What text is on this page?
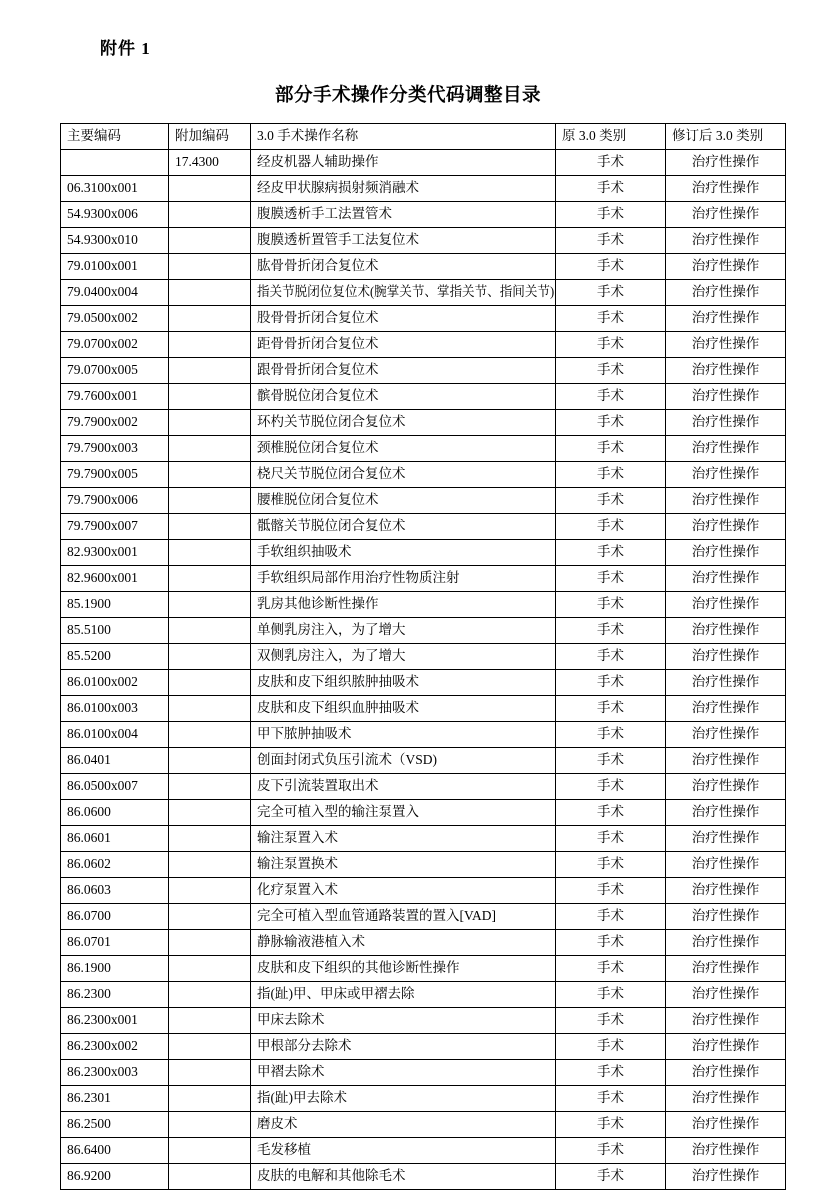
附件 1
部分手术操作分类代码调整目录
主要编码	附加编码	3.0 手术操作名称	原 3.0 类别	修订后 3.0 类别
	17.4300	经皮机器人辅助操作	手术	治疗性操作
06.3100x001		经皮甲状腺病损射频消融术	手术	治疗性操作
54.9300x006		腹膜透析手工法置管术	手术	治疗性操作
54.9300x010		腹膜透析置管手工法复位术	手术	治疗性操作
79.0100x001		肱骨骨折闭合复位术	手术	治疗性操作
79.0400x004		指关节脱闭位复位术(腕掌关节、掌指关节、指间关节)	手术	治疗性操作
79.0500x002		股骨骨折闭合复位术	手术	治疗性操作
79.0700x002		距骨骨折闭合复位术	手术	治疗性操作
79.0700x005		跟骨骨折闭合复位术	手术	治疗性操作
79.7600x001		髌骨脱位闭合复位术	手术	治疗性操作
79.7900x002		环杓关节脱位闭合复位术	手术	治疗性操作
79.7900x003		颈椎脱位闭合复位术	手术	治疗性操作
79.7900x005		桡尺关节脱位闭合复位术	手术	治疗性操作
79.7900x006		腰椎脱位闭合复位术	手术	治疗性操作
79.7900x007		骶髂关节脱位闭合复位术	手术	治疗性操作
82.9300x001		手软组织抽吸术	手术	治疗性操作
82.9600x001		手软组织局部作用治疗性物质注射	手术	治疗性操作
85.1900		乳房其他诊断性操作	手术	治疗性操作
85.5100		单侧乳房注入，为了增大	手术	治疗性操作
85.5200		双侧乳房注入，为了增大	手术	治疗性操作
86.0100x002		皮肤和皮下组织脓肿抽吸术	手术	治疗性操作
86.0100x003		皮肤和皮下组织血肿抽吸术	手术	治疗性操作
86.0100x004		甲下脓肿抽吸术	手术	治疗性操作
86.0401		创面封闭式负压引流术（VSD)	手术	治疗性操作
86.0500x007		皮下引流装置取出术	手术	治疗性操作
86.0600		完全可植入型的输注泵置入	手术	治疗性操作
86.0601		输注泵置入术	手术	治疗性操作
86.0602		输注泵置换术	手术	治疗性操作
86.0603		化疗泵置入术	手术	治疗性操作
86.0700		完全可植入型血管通路装置的置入[VAD]	手术	治疗性操作
86.0701		静脉输液港植入术	手术	治疗性操作
86.1900		皮肤和皮下组织的其他诊断性操作	手术	治疗性操作
86.2300		指(趾)甲、甲床或甲褶去除	手术	治疗性操作
86.2300x001		甲床去除术	手术	治疗性操作
86.2300x002		甲根部分去除术	手术	治疗性操作
86.2300x003		甲褶去除术	手术	治疗性操作
86.2301		指(趾)甲去除术	手术	治疗性操作
86.2500		磨皮术	手术	治疗性操作
86.6400		毛发移植	手术	治疗性操作
86.9200		皮肤的电解和其他除毛术	手术	治疗性操作
